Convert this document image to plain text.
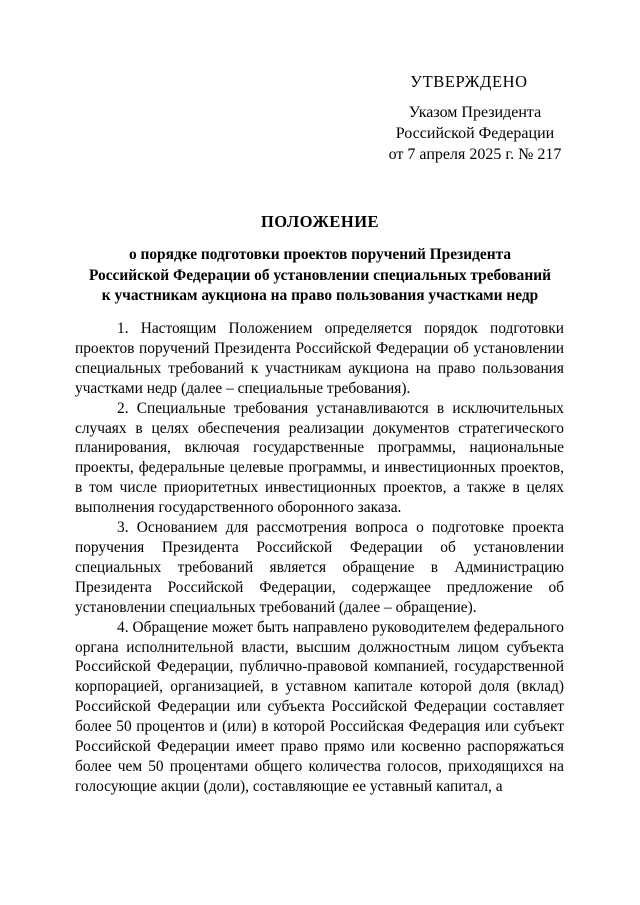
УТВЕРЖДЕНО
Указом Президента
Российской Федерации
от 7 апреля 2025 г. № 217
ПОЛОЖЕНИЕ
о порядке подготовки проектов поручений Президента
Российской Федерации об установлении специальных требований
к участникам аукциона на право пользования участками недр

1. Настоящим Положением определяется порядок подготовки проектов поручений Президента Российской Федерации об установлении специальных требований к участникам аукциона на право пользования участками недр (далее – специальные требования).

2. Специальные требования устанавливаются в исключительных случаях в целях обеспечения реализации документов стратегического планирования, включая государственные программы, национальные проекты, федеральные целевые программы, и инвестиционных проектов, в том числе приоритетных инвестиционных проектов, а также в целях выполнения государственного оборонного заказа.

3. Основанием для рассмотрения вопроса о подготовке проекта поручения Президента Российской Федерации об установлении специальных требований является обращение в Администрацию Президента Российской Федерации, содержащее предложение об установлении специальных требований (далее – обращение).

4. Обращение может быть направлено руководителем федерального органа исполнительной власти, высшим должностным лицом субъекта Российской Федерации, публично-правовой компанией, государственной корпорацией, организацией, в уставном капитале которой доля (вклад) Российской Федерации или субъекта Российской Федерации составляет более 50 процентов и (или) в которой Российская Федерация или субъект Российской Федерации имеет право прямо или косвенно распоряжаться более чем 50 процентами общего количества голосов, приходящихся на голосующие акции (доли), составляющие ее уставный капитал, а
